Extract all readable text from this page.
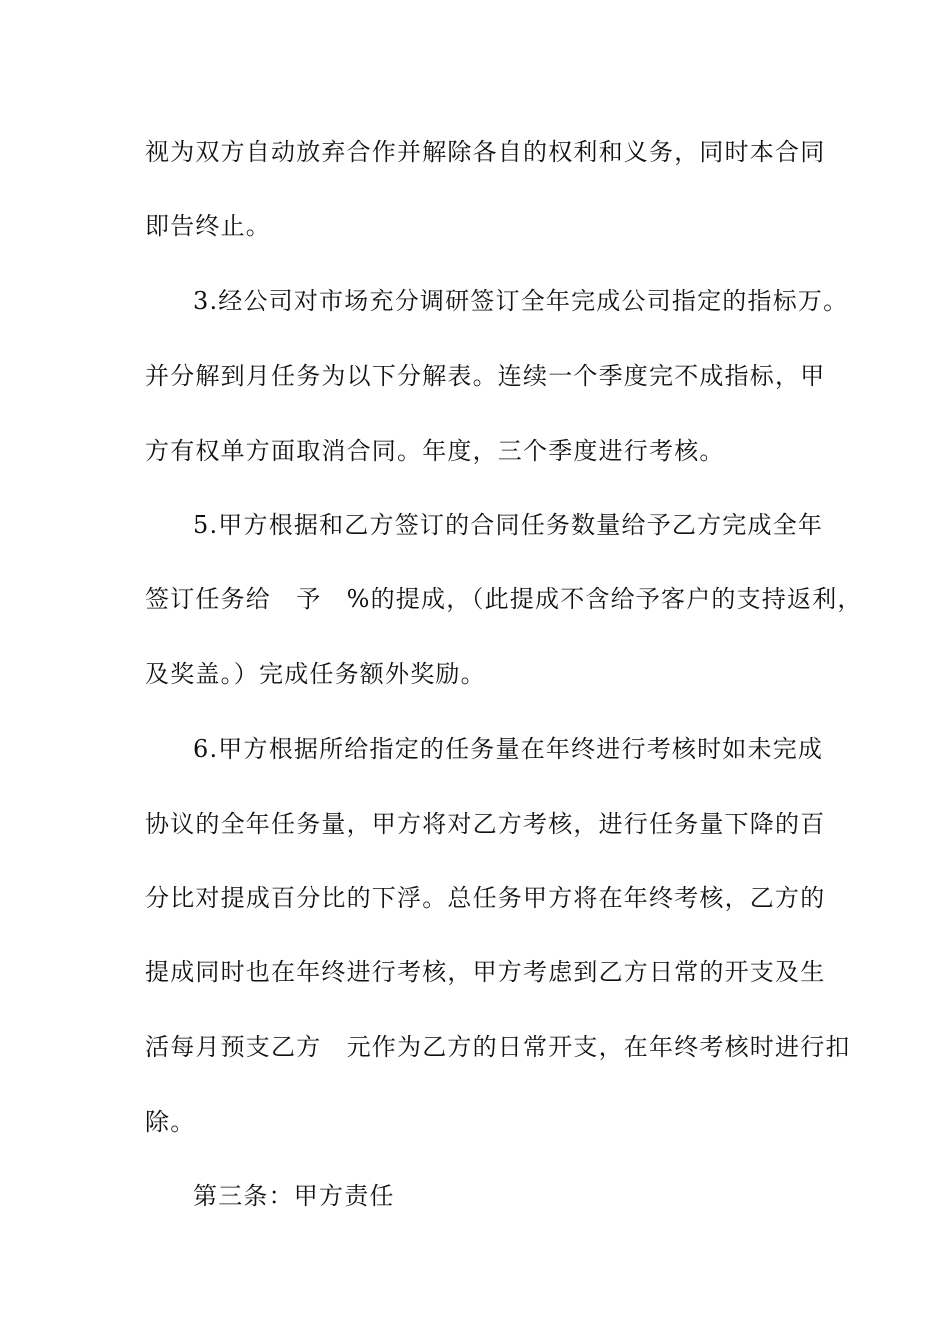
视为双方自动放弃合作并解除各自的权利和义务，同时本合同
即告终止。
3.经公司对市场充分调研签订全年完成公司指定的指标万。
并分解到月任务为以下分解表。连续一个季度完不成指标，甲
方有权单方面取消合同。年度，三个季度进行考核。
5.甲方根据和乙方签订的合同任务数量给予乙方完成全年
签订任务给　予　%的提成，（此提成不含给予客户的支持返利，
及奖盖。）完成任务额外奖励。
6.甲方根据所给指定的任务量在年终进行考核时如未完成
协议的全年任务量，甲方将对乙方考核，进行任务量下降的百
分比对提成百分比的下浮。总任务甲方将在年终考核，乙方的
提成同时也在年终进行考核，甲方考虑到乙方日常的开支及生
活每月预支乙方　元作为乙方的日常开支，在年终考核时进行扣
除。
第三条：甲方责任
